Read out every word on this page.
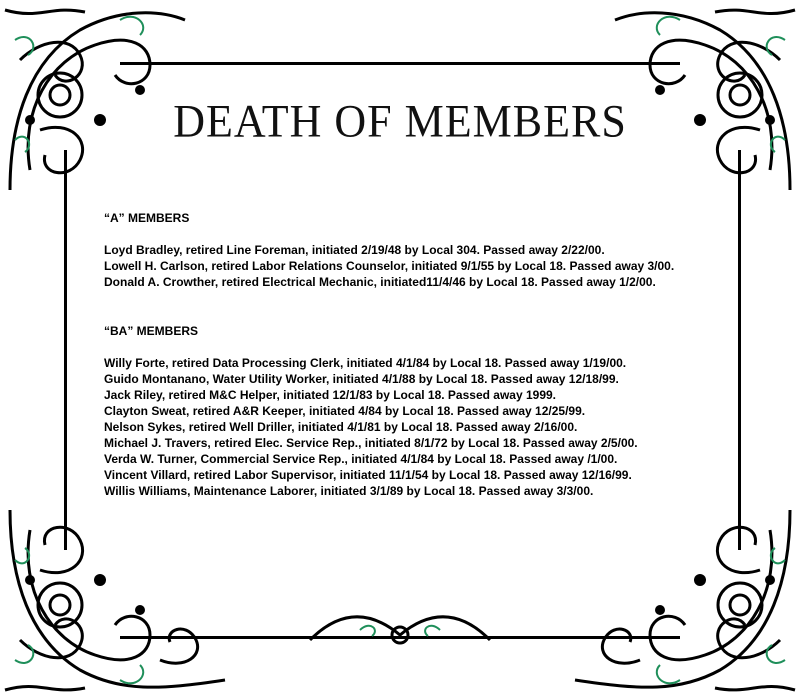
DEATH OF MEMBERS
“A” MEMBERS

Loyd Bradley, retired Line Foreman, initiated 2/19/48 by Local 304. Passed away 2/22/00.

Lowell H. Carlson, retired Labor Relations Counselor, initiated 9/1/55 by Local 18. Passed away 3/00.

Donald A. Crowther, retired Electrical Mechanic, initiated11/4/46 by Local 18. Passed away 1/2/00.

“BA” MEMBERS

Willy Forte, retired Data Processing Clerk, initiated 4/1/84 by Local 18. Passed away 1/19/00.

Guido Montanano, Water Utility Worker, initiated 4/1/88 by Local 18. Passed away 12/18/99.

Jack Riley, retired M&C Helper, initiated 12/1/83 by Local 18. Passed away 1999.

Clayton Sweat, retired A&R Keeper, initiated 4/84 by Local 18. Passed away 12/25/99.

Nelson Sykes, retired Well Driller, initiated 4/1/81 by Local 18. Passed away 2/16/00.

Michael J. Travers, retired Elec. Service Rep., initiated 8/1/72 by Local 18. Passed away 2/5/00.

Verda W. Turner, Commercial Service Rep., initiated 4/1/84 by Local 18. Passed away /1/00.

Vincent Villard, retired Labor Supervisor, initiated 11/1/54 by Local 18. Passed away 12/16/99.

Willis Williams, Maintenance Laborer, initiated 3/1/89 by Local 18. Passed away 3/3/00.
